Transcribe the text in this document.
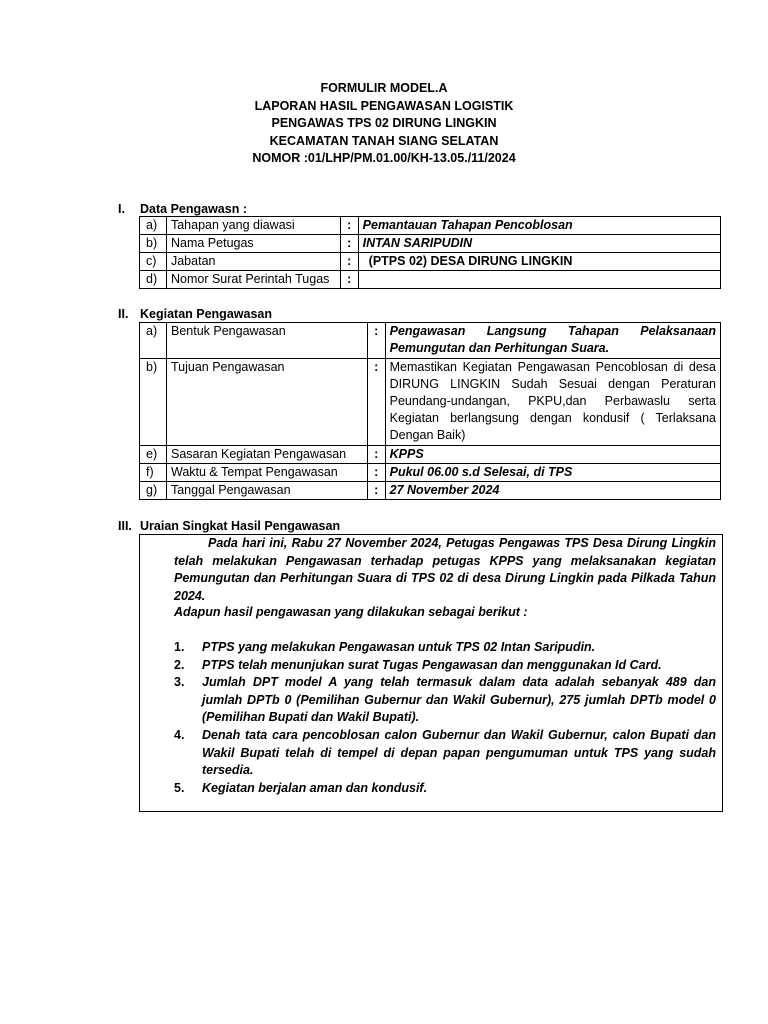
FORMULIR MODEL.A
LAPORAN HASIL PENGAWASAN LOGISTIK
PENGAWAS TPS 02 DIRUNG LINGKIN
KECAMATAN TANAH SIANG SELATAN
NOMOR :01/LHP/PM.01.00/KH-13.05./11/2024
I. Data Pengawasn :
a)	Tahapan yang diawasi	:	Pemantauan Tahapan Pencoblosan
b)	Nama Petugas	:	INTAN SARIPUDIN
c)	Jabatan	:	(PTPS 02) DESA DIRUNG LINGKIN
d)	Nomor Surat Perintah Tugas	:	
II. Kegiatan Pengawasan
a)	Bentuk Pengawasan	:	Pengawasan Langsung Tahapan Pelaksanaan Pemungutan dan Perhitungan Suara.
b)	Tujuan Pengawasan	:	Memastikan Kegiatan Pengawasan Pencoblosan di desa DIRUNG LINGKIN Sudah Sesuai dengan Peraturan Peundang-undangan, PKPU,dan Perbawaslu serta Kegiatan berlangsung dengan kondusif ( Terlaksana Dengan Baik)
e)	Sasaran Kegiatan Pengawasan	:	KPPS
f)	Waktu & Tempat Pengawasan	:	Pukul 06.00 s.d Selesai, di TPS
g)	Tanggal Pengawasan	:	27 November 2024
III. Uraian Singkat Hasil Pengawasan
Pada hari ini, Rabu 27 November 2024, Petugas Pengawas TPS Desa Dirung Lingkin telah melakukan Pengawasan terhadap petugas KPPS yang melaksanakan kegiatan Pemungutan dan Perhitungan Suara di TPS 02 di desa Dirung Lingkin pada Pilkada Tahun 2024.
Adapun hasil pengawasan yang dilakukan sebagai berikut :
1. PTPS yang melakukan Pengawasan untuk TPS 02 Intan Saripudin.
2. PTPS telah menunjukan surat Tugas Pengawasan dan menggunakan Id Card.
3. Jumlah DPT model A yang telah termasuk dalam data adalah sebanyak 489 dan jumlah DPTb 0 (Pemilihan Gubernur dan Wakil Gubernur), 275 jumlah DPTb model 0 (Pemilihan Bupati dan Wakil Bupati).
4. Denah tata cara pencoblosan calon Gubernur dan Wakil Gubernur, calon Bupati dan Wakil Bupati telah di tempel di depan papan pengumuman untuk TPS yang sudah tersedia.
5. Kegiatan berjalan aman dan kondusif.
